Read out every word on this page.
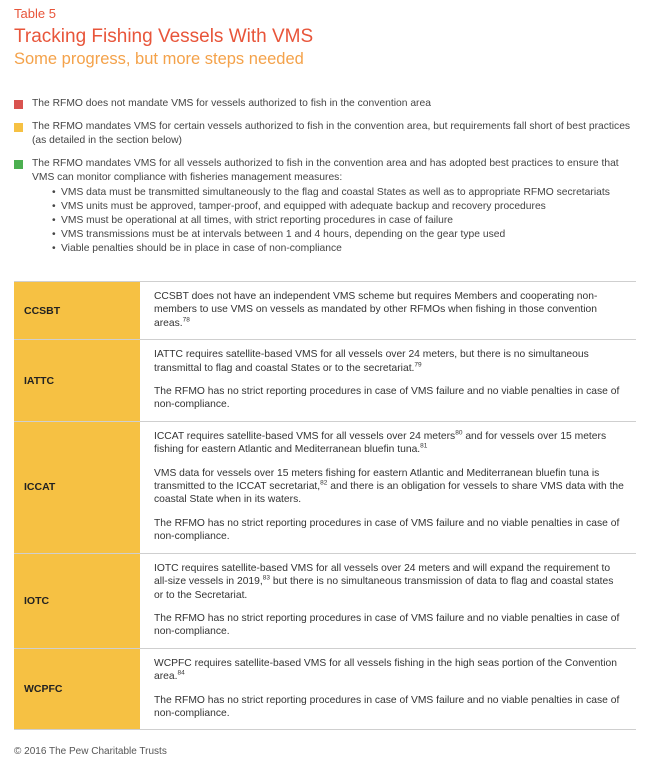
Table 5
Tracking Fishing Vessels With VMS
Some progress, but more steps needed
The RFMO does not mandate VMS for vessels authorized to fish in the convention area
The RFMO mandates VMS for certain vessels authorized to fish in the convention area, but requirements fall short of best practices (as detailed in the section below)
The RFMO mandates VMS for all vessels authorized to fish in the convention area and has adopted best practices to ensure that VMS can monitor compliance with fisheries management measures:
• VMS data must be transmitted simultaneously to the flag and coastal States as well as to appropriate RFMO secretariats
• VMS units must be approved, tamper-proof, and equipped with adequate backup and recovery procedures
• VMS must be operational at all times, with strict reporting procedures in case of failure
• VMS transmissions must be at intervals between 1 and 4 hours, depending on the gear type used
• Viable penalties should be in place in case of non-compliance
CCSBT

CCSBT does not have an independent VMS scheme but requires Members and cooperating non-members to use VMS on vessels as mandated by other RFMOs when fishing in those convention areas.$^{78}$

IATTC

IATTC requires satellite-based VMS for all vessels over 24 meters, but there is no simultaneous transmittal to flag and coastal States or to the secretariat.$^{79}$

The RFMO has no strict reporting procedures in case of VMS failure and no viable penalties in case of non-compliance.

ICCAT

ICCAT requires satellite-based VMS for all vessels over 24 meters$^{80}$ and for vessels over 15 meters fishing for eastern Atlantic and Mediterranean bluefin tuna.$^{81}$

VMS data for vessels over 15 meters fishing for eastern Atlantic and Mediterranean bluefin tuna is transmitted to the ICCAT secretariat,$^{82}$ and there is an obligation for vessels to share VMS data with the coastal State when in its waters.

The RFMO has no strict reporting procedures in case of VMS failure and no viable penalties in case of non-compliance.

IOTC

IOTC requires satellite-based VMS for all vessels over 24 meters and will expand the requirement to all-size vessels in 2019,83 but there is no simultaneous transmission of data to flag and coastal states or to the Secretariat.

The RFMO has no strict reporting procedures in case of VMS failure and no viable penalties in case of non-compliance.

WCPFC

WCPFC requires satellite-based VMS for all vessels fishing in the high seas portion of the Convention area.$^{84}$

The RFMO has no strict reporting procedures in case of VMS failure and no viable penalties in case of non-compliance.

© 2016 The Pew Charitable Trusts
